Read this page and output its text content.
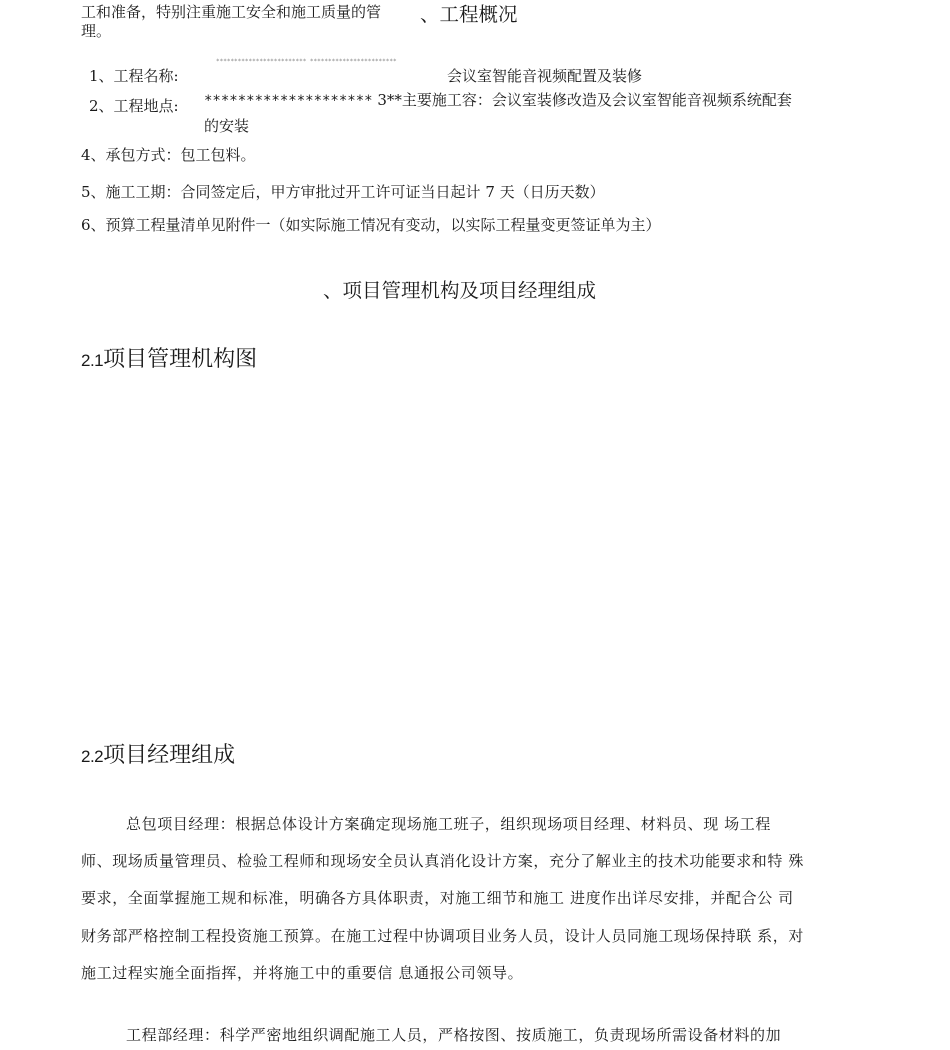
工和准备，特别注重施工安全和施工质量的管
理。
、工程概况
1、工程名称:
************************* ************************
会议室智能音视频配置及装修
2、工程地点: ******************** 3**主要施工容：会议室装修改造及会议室智能音视频系统配套
的安装
4、承包方式：包工包料。
5、施工工期：合同签定后，甲方审批过开工许可证当日起计 7 天（日历天数）
6、预算工程量清单见附件一（如实际施工情况有变动，以实际工程量变更签证单为主）
、项目管理机构及项目经理组成
2.1项目管理机构图
2.2项目经理组成
总包项目经理：根据总体设计方案确定现场施工班子，组织现场项目经理、材料员、现 场工程
师、现场质量管理员、检验工程师和现场安全员认真消化设计方案，充分了解业主的技术功能要求和特 殊
要求，全面掌握施工规和标准，明确各方具体职责，对施工细节和施工 进度作出详尽安排，并配合公 司
财务部严格控制工程投资施工预算。在施工过程中协调项目业务人员，设计人员同施工现场保持联 系，对
施工过程实施全面指挥，并将施工中的重要信 息通报公司领导。
工程部经理：科学严密地组织调配施工人员，严格按图、按质施工，负责现场所需设备材料的加
